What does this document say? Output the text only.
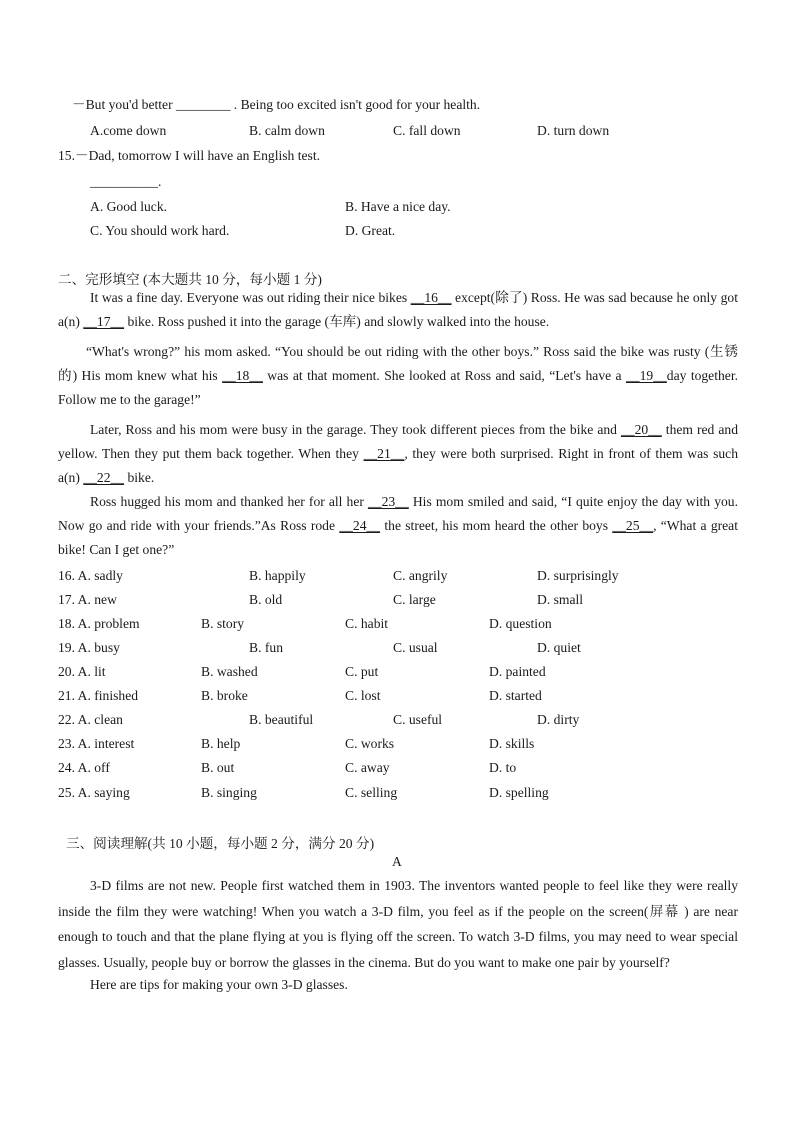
－But you'd better ________ . Being too excited isn't good for your health.
A.come down	B. calm down	C. fall down	D. turn down
15.－Dad, tomorrow I will have an English test.
__________.
A. Good luck.	B. Have a nice day.
C. You should work hard.	D. Great.
二、完形填空 (本大题共 10 分，每小题 1 分)
It was a fine day. Everyone was out riding their nice bikes __16__ except(除了) Ross. He was sad because he only got a(n) __17__ bike. Ross pushed it into the garage (车库) and slowly walked into the house.
“What's wrong?” his mom asked. “You should be out riding with the other boys.” Ross said the bike was rusty (生锈的) His mom knew what his __18__ was at that moment. She looked at Ross and said, “Let's have a __19__day together. Follow me to the garage!”
Later, Ross and his mom were busy in the garage. They took different pieces from the bike and __20__ them red and yellow. Then they put them back together. When they __21__, they were both surprised. Right in front of them was such a(n) __22__ bike.
Ross hugged his mom and thanked her for all her __23__ His mom smiled and said, “I quite enjoy the day with you. Now go and ride with your friends.”As Ross rode __24__ the street, his mom heard the other boys __25__, “What a great bike! Can I get one?”
16. A. sadly	B. happily	C. angrily	D. surprisingly
17. A. new	B. old	C. large	D. small
18. A. problem	B. story	C. habit	D. question
19. A. busy	B. fun	C. usual	D. quiet
20. A. lit	B. washed	C. put	D. painted
21. A. finished	B. broke	C. lost	D. started
22. A. clean	B. beautiful	C. useful	D. dirty
23. A. interest	B. help	C. works	D. skills
24. A. off	B. out	C. away	D. to
25. A. saying	B. singing	C. selling	D. spelling
三、阅读理解(共 10 小题，每小题 2 分，满分 20 分)
A
3-D films are not new. People first watched them in 1903. The inventors wanted people to feel like they were really inside the film they were watching! When you watch a 3-D film, you feel as if the people on the screen(屏幕 ) are near enough to touch and that the plane flying at you is flying off the screen. To watch 3-D films, you may need to wear special glasses. Usually, people buy or borrow the glasses in the cinema. But do you want to make one pair by yourself?
Here are tips for making your own 3-D glasses.
